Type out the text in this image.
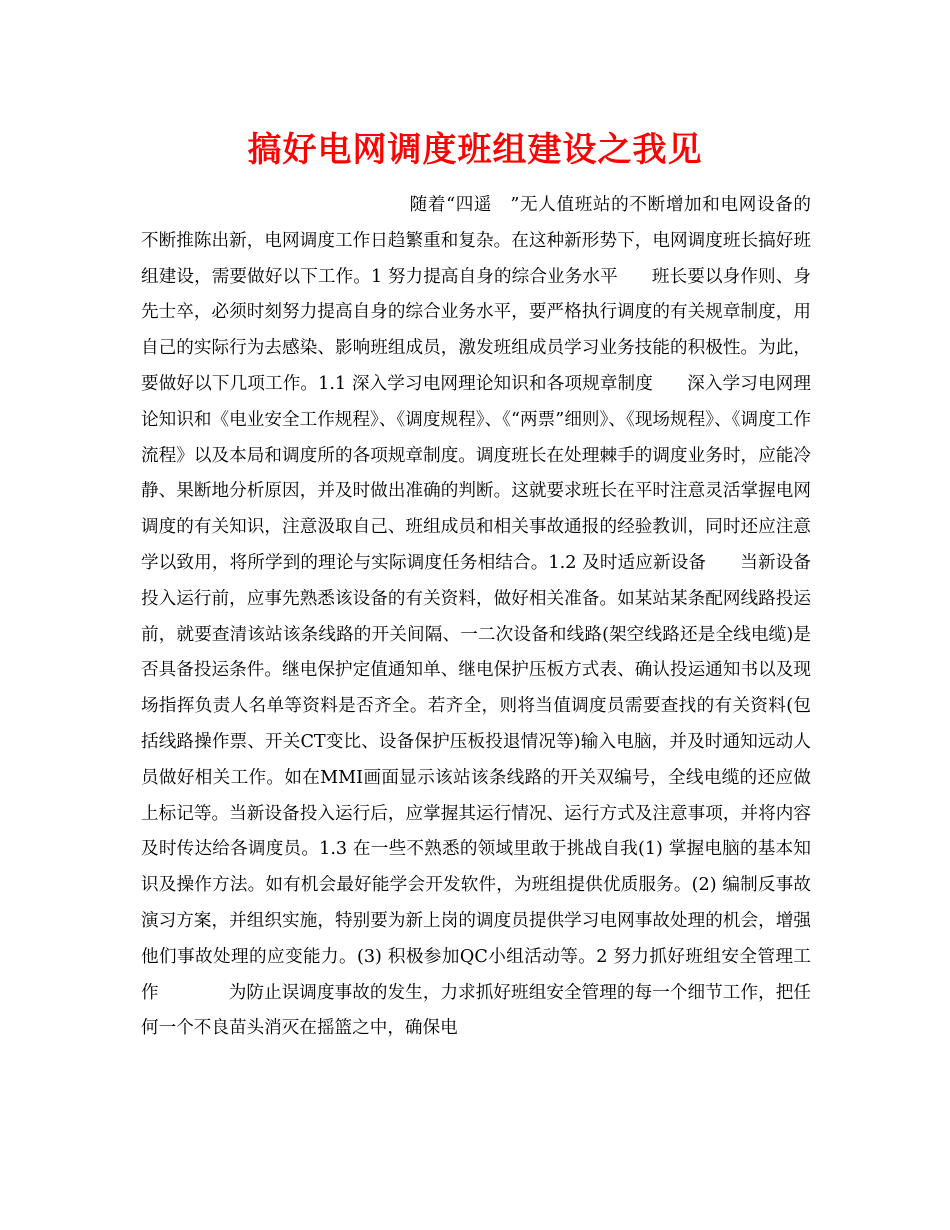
搞好电网调度班组建设之我见
随着“四遥　”无人值班站的不断增加和电网设备的不断推陈出新，电网调度工作日趋繁重和复杂。在这种新形势下，电网调度班长搞好班组建设，需要做好以下工作。1 努力提高自身的综合业务水平 班长要以身作则、身先士卒，必须时刻努力提高自身的综合业务水平，要严格执行调度的有关规章制度，用自己的实际行为去感染、影响班组成员，激发班组成员学习业务技能的积极性。为此，要做好以下几项工作。1.1 深入学习电网理论知识和各项规章制度 深入学习电网理论知识和《电业安全工作规程》、《调度规程》、《“两票”细则》、《现场规程》、《调度工作流程》以及本局和调度所的各项规章制度。调度班长在处理棘手的调度业务时，应能冷静、果断地分析原因，并及时做出准确的判断。这就要求班长在平时注意灵活掌握电网调度的有关知识，注意汲取自己、班组成员和相关事故通报的经验教训，同时还应注意学以致用，将所学到的理论与实际调度任务相结合。1.2 及时适应新设备 当新设备投入运行前，应事先熟悉该设备的有关资料，做好相关准备。如某站某条配网线路投运前，就要查清该站该条线路的开关间隔、一二次设备和线路(架空线路还是全线电缆)是否具备投运条件。继电保护定值通知单、继电保护压板方式表、确认投运通知书以及现场指挥负责人名单等资料是否齐全。若齐全，则将当值调度员需要查找的有关资料(包括线路操作票、开关CT变比、设备保护压板投退情况等)输入电脑，并及时通知远动人员做好相关工作。如在MMI画面显示该站该条线路的开关双编号，全线电缆的还应做上标记等。当新设备投入运行后，应掌握其运行情况、运行方式及注意事项，并将内容及时传达给各调度员。1.3 在一些不熟悉的领域里敢于挑战自我(1) 掌握电脑的基本知识及操作方法。如有机会最好能学会开发软件，为班组提供优质服务。(2) 编制反事故演习方案，并组织实施，特别要为新上岗的调度员提供学习电网事故处理的机会，增强他们事故处理的应变能力。(3) 积极参加QC小组活动等。2 努力抓好班组安全管理工作	为防止误调度事故的发生，力求抓好班组安全管理的每一个细节工作，把任何一个不良苗头消灭在摇篮之中，确保电
